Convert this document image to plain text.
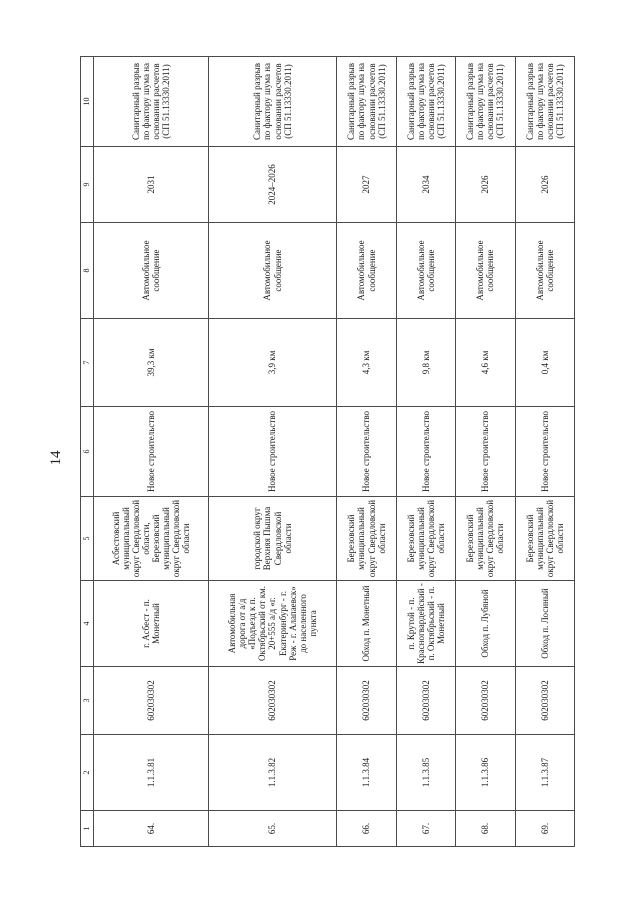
14
1	2	3	4	5	6	7	8	9	10
64.	1.1.3.81	602030302	г. Асбест - п. Монетный	Асбестовский муниципальный округ Свердловской области, Березовский муниципальный округ Свердловской области	Новое строительство	39,3 км	Автомобильное сообщение	2031	Санитарный разрыв по фактору шума на основании расчетов (СП 51.13330.2011)
65.	1.1.3.82	602030302	Автомобильная дорога от а/д «Подъезд к п. Октябрьский от км. 20+555 а/д «г. Екатеринбург - г. Реж - г. Алапаевск» до населенного пункта	городской округ Верхняя Пышма Свердловской области	Новое строительство	3,9 км	Автомобильное сообщение	2024–2026	Санитарный разрыв по фактору шума на основании расчетов (СП 51.13330.2011)
66.	1.1.3.84	602030302	Обход п. Монетный	Березовский муниципальный округ Свердловской области	Новое строительство	4,3 км	Автомобильное сообщение	2027	Санитарный разрыв по фактору шума на основании расчетов (СП 51.13330.2011)
67.	1.1.3.85	602030302	п. Крутой - п. Красногвардейский - п. Октябрьский - п. Монетный	Березовский муниципальный округ Свердловской области	Новое строительство	9,8 км	Автомобильное сообщение	2034	Санитарный разрыв по фактору шума на основании расчетов (СП 51.13330.2011)
68.	1.1.3.86	602030302	Обход п. Лубяной	Березовский муниципальный округ Свердловской области	Новое строительство	4,6 км	Автомобильное сообщение	2026	Санитарный разрыв по фактору шума на основании расчетов (СП 51.13330.2011)
69.	1.1.3.87	602030302	Обход п. Лосиный	Березовский муниципальный округ Свердловской области	Новое строительство	0,4 км	Автомобильное сообщение	2026	Санитарный разрыв по фактору шума на основании расчетов (СП 51.13330.2011)
